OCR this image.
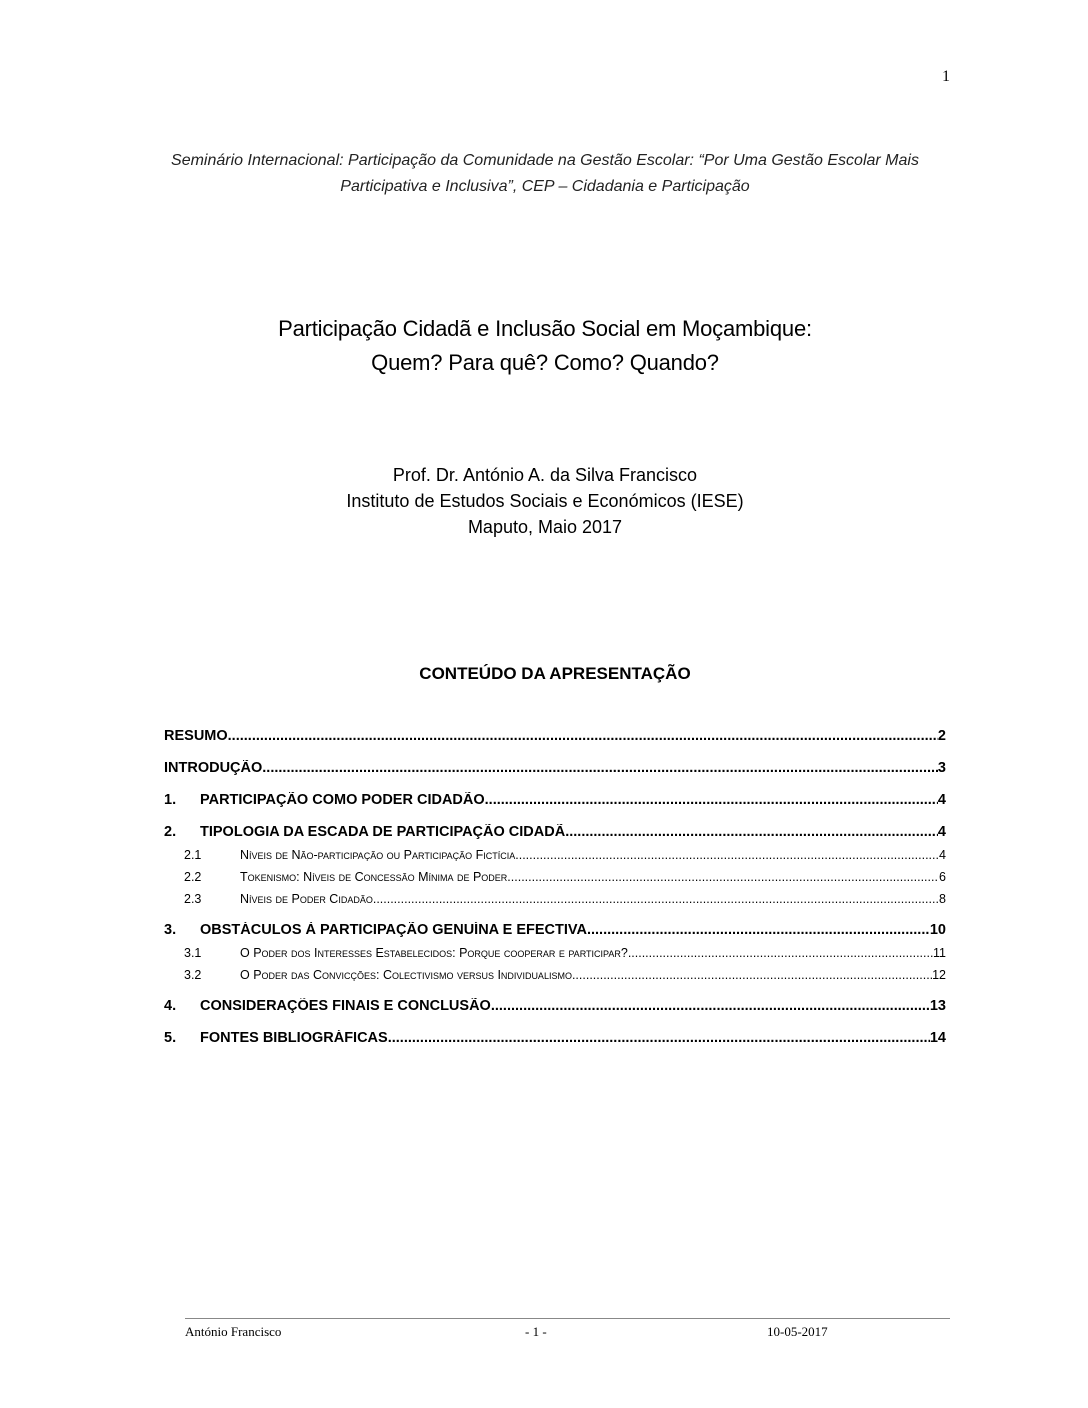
1
Seminário Internacional: Participação da Comunidade na Gestão Escolar: “Por Uma Gestão Escolar Mais
Participativa e Inclusiva”, CEP – Cidadania e Participação
Participação Cidadã e Inclusão Social em Moçambique:
Quem? Para quê? Como? Quando?
Prof. Dr. António A. da Silva Francisco
Instituto de Estudos Sociais e Económicos (IESE)
Maputo, Maio 2017
CONTEÚDO DA APRESENTAÇÃO
RESUMO .....	2
INTRODUÇÃO .....	3
1.	PARTICIPAÇÃO COMO PODER CIDADÃO .....	4
2.	TIPOLOGIA DA ESCADA DE PARTICIPAÇÃO CIDADÃ .....	4
2.1	Níveis de Não-participação ou Participação Fictícia .....	4
2.2	Tokenismo: Níveis de Concessão Mínima de Poder .....	6
2.3	Níveis de Poder Cidadão .....	8
3.	OBSTÁCULOS À PARTICIPAÇÃO GENUÍNA E EFECTIVA .....	10
3.1	O Poder dos Interesses Estabelecidos: Porque cooperar e participar? .....	11
3.2	O Poder das Convicções: Colectivismo versus Individualismo .....	12
4.	CONSIDERAÇÕES FINAIS E CONCLUSÃO .....	13
5.	FONTES BIBLIOGRÁFICAS .....	14
António Francisco	- 1 -	10-05-2017
